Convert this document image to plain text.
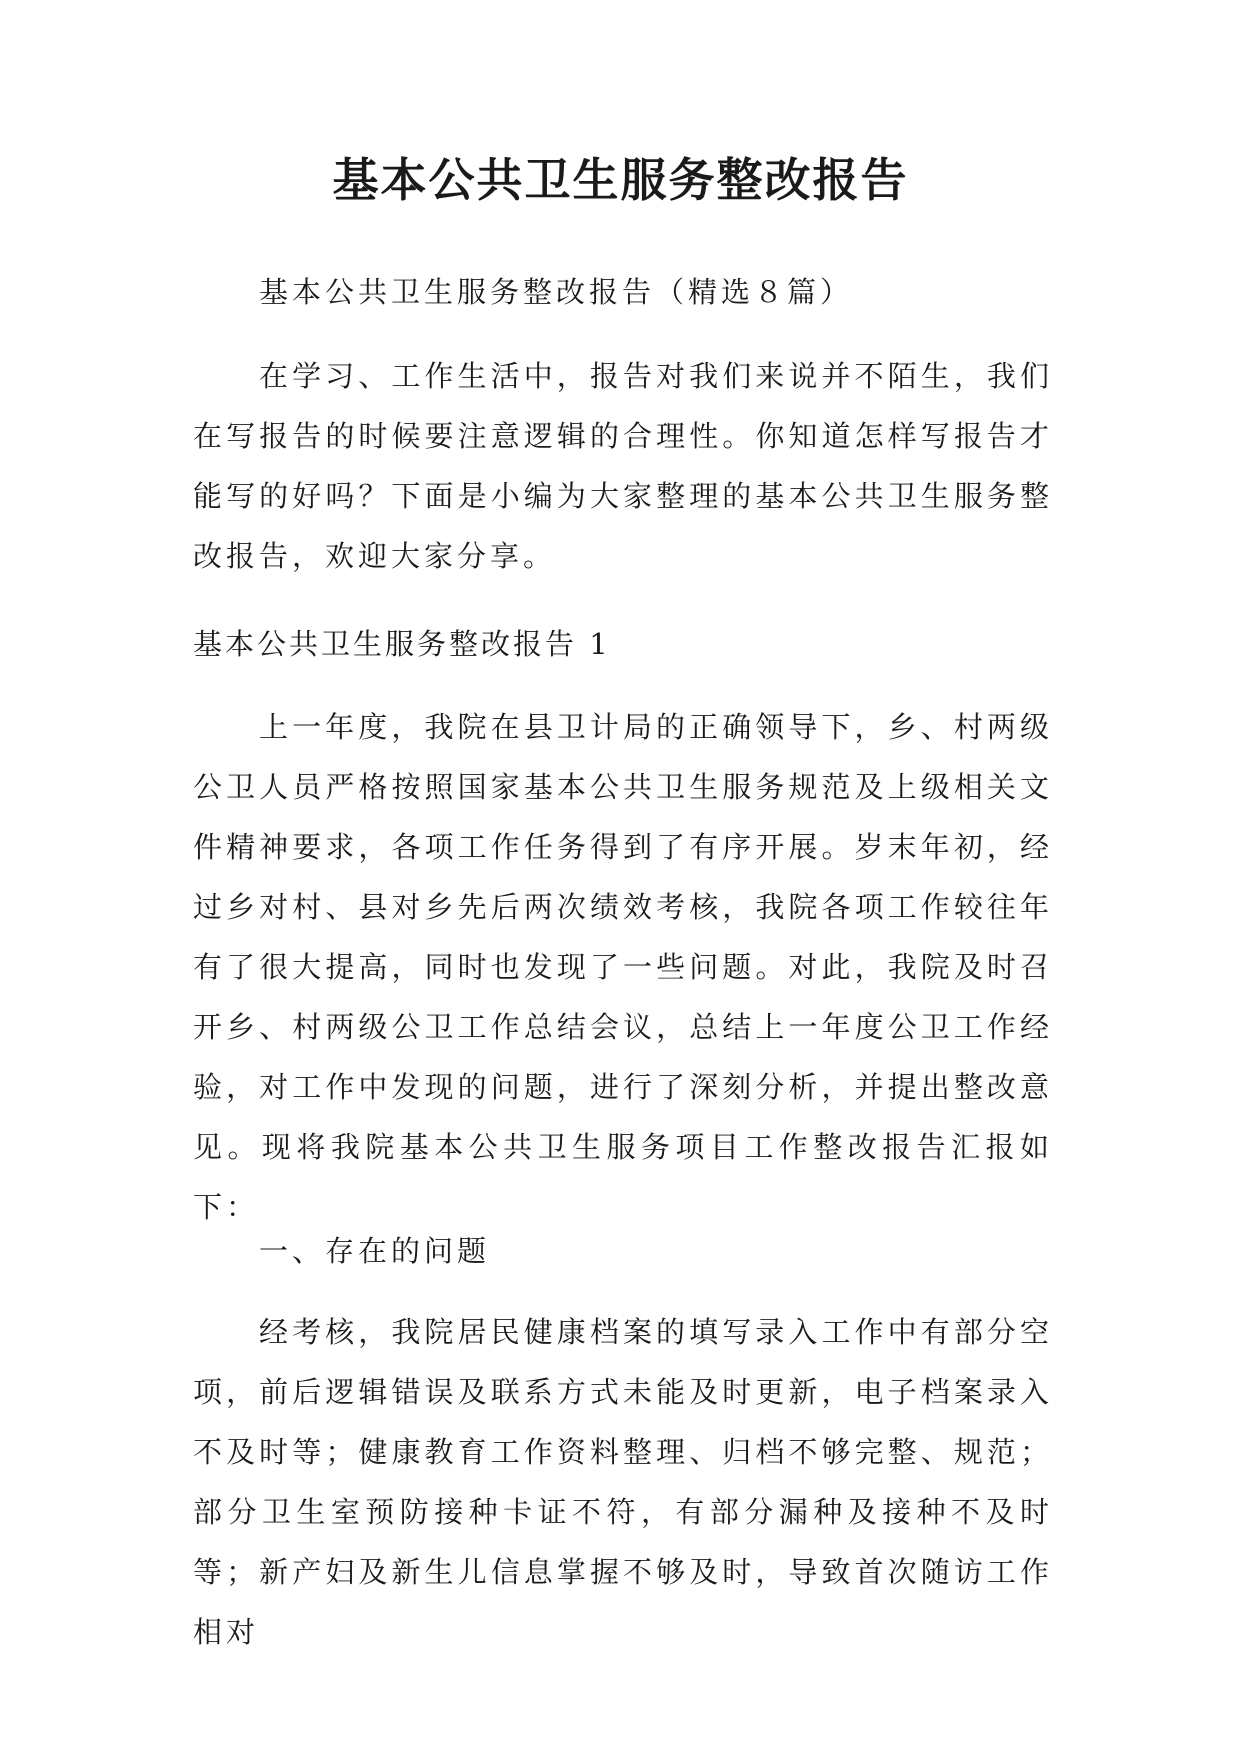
基本公共卫生服务整改报告

基本公共卫生服务整改报告（精选８篇）

在学习、工作生活中，报告对我们来说并不陌生，我们在写报告的时候要注意逻辑的合理性。你知道怎样写报告才能写的好吗？下面是小编为大家整理的基本公共卫生服务整改报告，欢迎大家分享。

基本公共卫生服务整改报告 1

上一年度，我院在县卫计局的正确领导下，乡、村两级公卫人员严格按照国家基本公共卫生服务规范及上级相关文件精神要求，各项工作任务得到了有序开展。岁末年初，经过乡对村、县对乡先后两次绩效考核，我院各项工作较往年有了很大提高，同时也发现了一些问题。对此，我院及时召开乡、村两级公卫工作总结会议，总结上一年度公卫工作经验，对工作中发现的问题，进行了深刻分析，并提出整改意见。现将我院基本公共卫生服务项目工作整改报告汇报如下：

一、存在的问题

经考核，我院居民健康档案的填写录入工作中有部分空项，前后逻辑错误及联系方式未能及时更新，电子档案录入不及时等；健康教育工作资料整理、归档不够完整、规范；部分卫生室预防接种卡证不符，有部分漏种及接种不及时等；新产妇及新生儿信息掌握不够及时，导致首次随访工作相对
